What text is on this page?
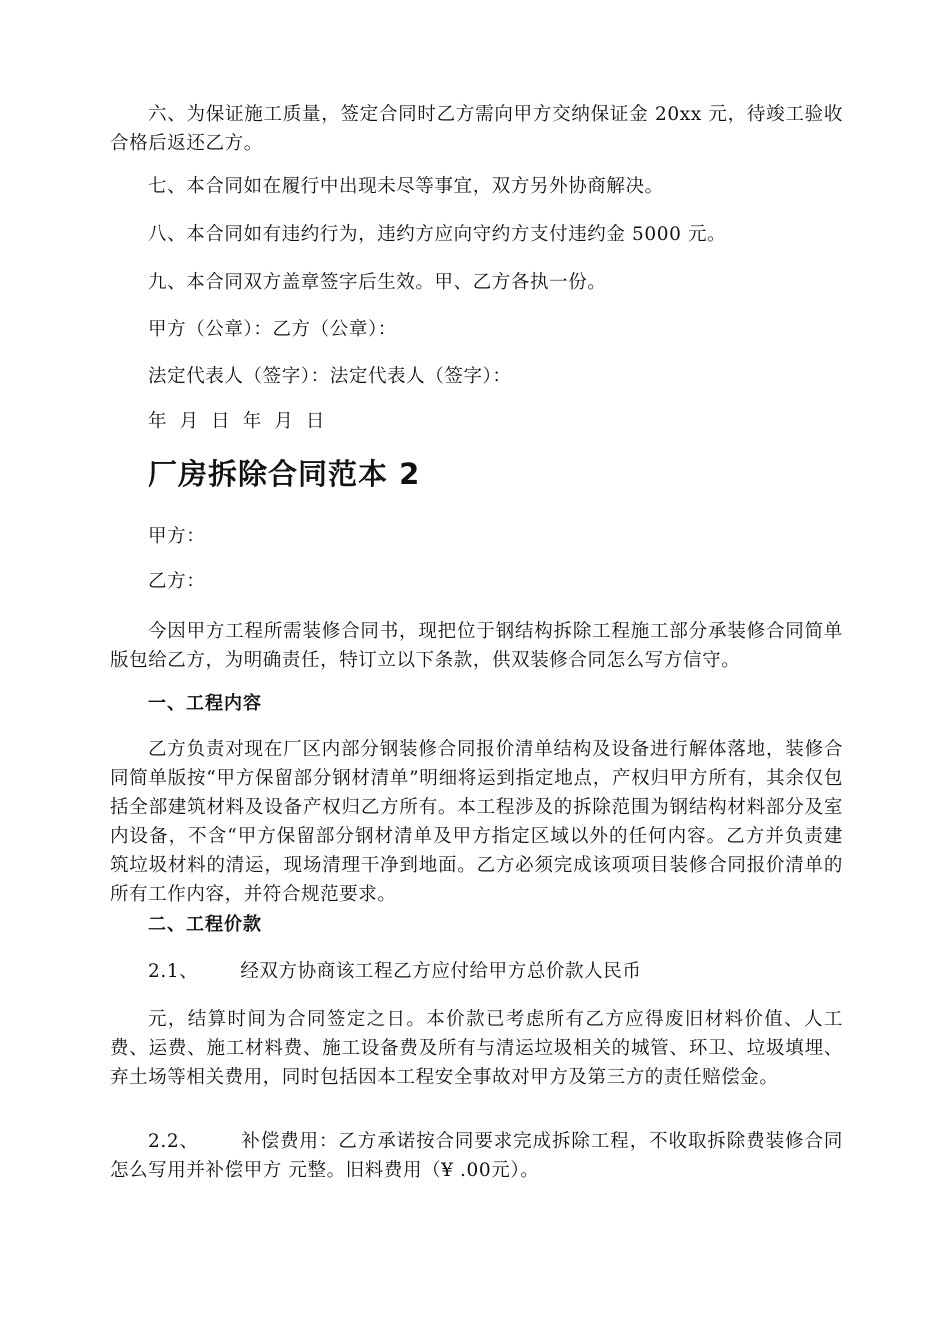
六、为保证施工质量，签定合同时乙方需向甲方交纳保证金 20xx 元，待竣工验收合格后返还乙方。

七、本合同如在履行中出现未尽等事宜，双方另外协商解决。

八、本合同如有违约行为，违约方应向守约方支付违约金 5000 元。

九、本合同双方盖章签字后生效。甲、乙方各执一份。

甲方（公章）：乙方（公章）：

法定代表人（签字）：法定代表人（签字）：

年 月 日 年 月 日

厂房拆除合同范本 2

甲方：

乙方：

今因甲方工程所需装修合同书，现把位于钢结构拆除工程施工部分承装修合同简单版包给乙方，为明确责任，特订立以下条款，供双装修合同怎么写方信守。

一、工程内容

乙方负责对现在厂区内部分钢装修合同报价清单结构及设备进行解体落地，装修合同简单版按“甲方保留部分钢材清单”明细将运到指定地点，产权归甲方所有，其余仅包括全部建筑材料及设备产权归乙方所有。本工程涉及的拆除范围为钢结构材料部分及室内设备，不含“甲方保留部分钢材清单及甲方指定区域以外的任何内容。乙方并负责建筑垃圾材料的清运，现场清理干净到地面。乙方必须完成该项项目装修合同报价清单的所有工作内容，并符合规范要求。

二、工程价款

2.1、 经双方协商该工程乙方应付给甲方总价款人民币

元，结算时间为合同签定之日。本价款已考虑所有乙方应得废旧材料价值、人工费、运费、施工材料费、施工设备费及所有与清运垃圾相关的城管、环卫、垃圾填埋、弃土场等相关费用，同时包括因本工程安全事故对甲方及第三方的责任赔偿金。

2.2、 补偿费用：乙方承诺按合同要求完成拆除工程，不收取拆除费装修合同 怎么写用并补偿甲方 元整。旧料费用（¥ .00元）。
